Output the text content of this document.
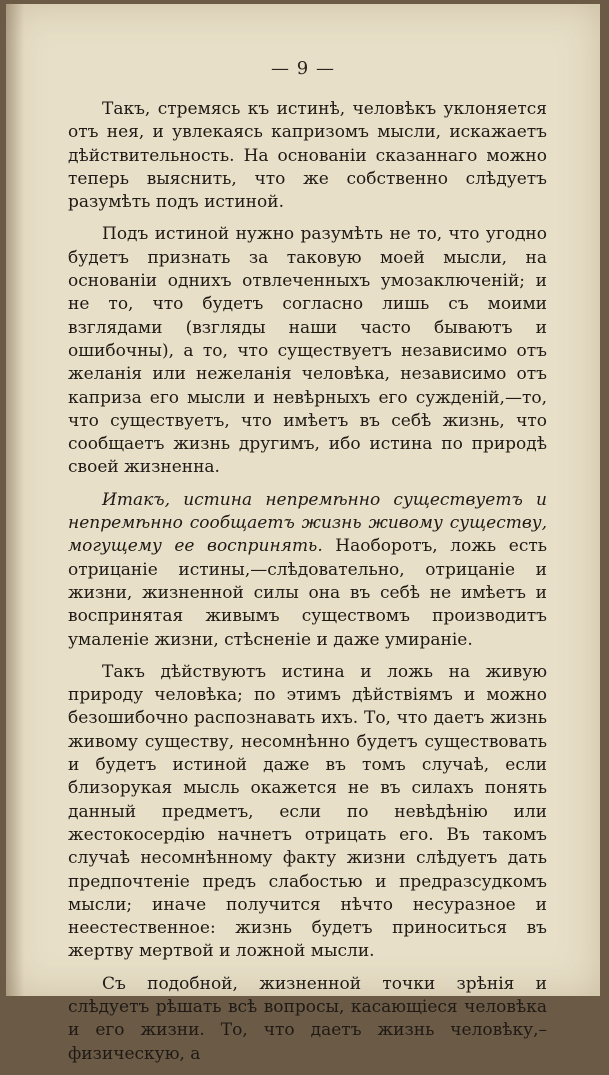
— 9 —

Такъ, стремясь къ истинѣ, человѣкъ уклоняется отъ нея, и увлекаясь капризомъ мысли, искажаетъ дѣйствительность. На основанiи сказаннаго можно теперь выяснить, что же собственно слѣдуетъ разумѣть подъ истиной.

Подъ истиной нужно разумѣть не то, что угодно будетъ признать за таковую моей мысли, на основанiи однихъ отвлеченныхъ умозаключенiй; и не то, что будетъ согласно лишь съ моими взглядами (взгляды наши часто бываютъ и ошибочны), а то, что существуетъ независимо отъ желанiя или нежеланiя человѣка, независимо отъ каприза его мысли и невѣрныхъ его сужденiй,—то, что существуетъ, что имѣетъ въ себѣ жизнь, что сообщаетъ жизнь другимъ, ибо истина по природѣ своей жизненна.

Итакъ, истина непремѣнно существуетъ и непремѣнно сообщаетъ жизнь живому существу, могущему ее воспринять. Наоборотъ, ложь есть отрицанiе истины,—слѣдовательно, отрицанiе и жизни, жизненной силы она въ себѣ не имѣетъ и воспринятая живымъ существомъ производитъ умаленiе жизни, стѣсненiе и даже умиранiе.

Такъ дѣйствуютъ истина и ложь на живую природу человѣка; по этимъ дѣйствiямъ и можно безошибочно распознавать ихъ. То, что даетъ жизнь живому существу, несомнѣнно будетъ существовать и будетъ истиной даже въ томъ случаѣ, если близорукая мысль окажется не въ силахъ понять данный предметъ, если по невѣдѣнiю или жестокосердiю начнетъ отрицать его. Въ такомъ случаѣ несомнѣнному факту жизни слѣдуетъ дать предпочтенiе предъ слабостью и предразсудкомъ мысли; иначе получится нѣчто несуразное и неестественное: жизнь будетъ приноситься въ жертву мертвой и ложной мысли.

Съ подобной, жизненной точки зрѣнiя и слѣдуетъ рѣшать всѣ вопросы, касающiеся человѣка и его жизни. То, что даетъ жизнь человѣку,– физическую, а
